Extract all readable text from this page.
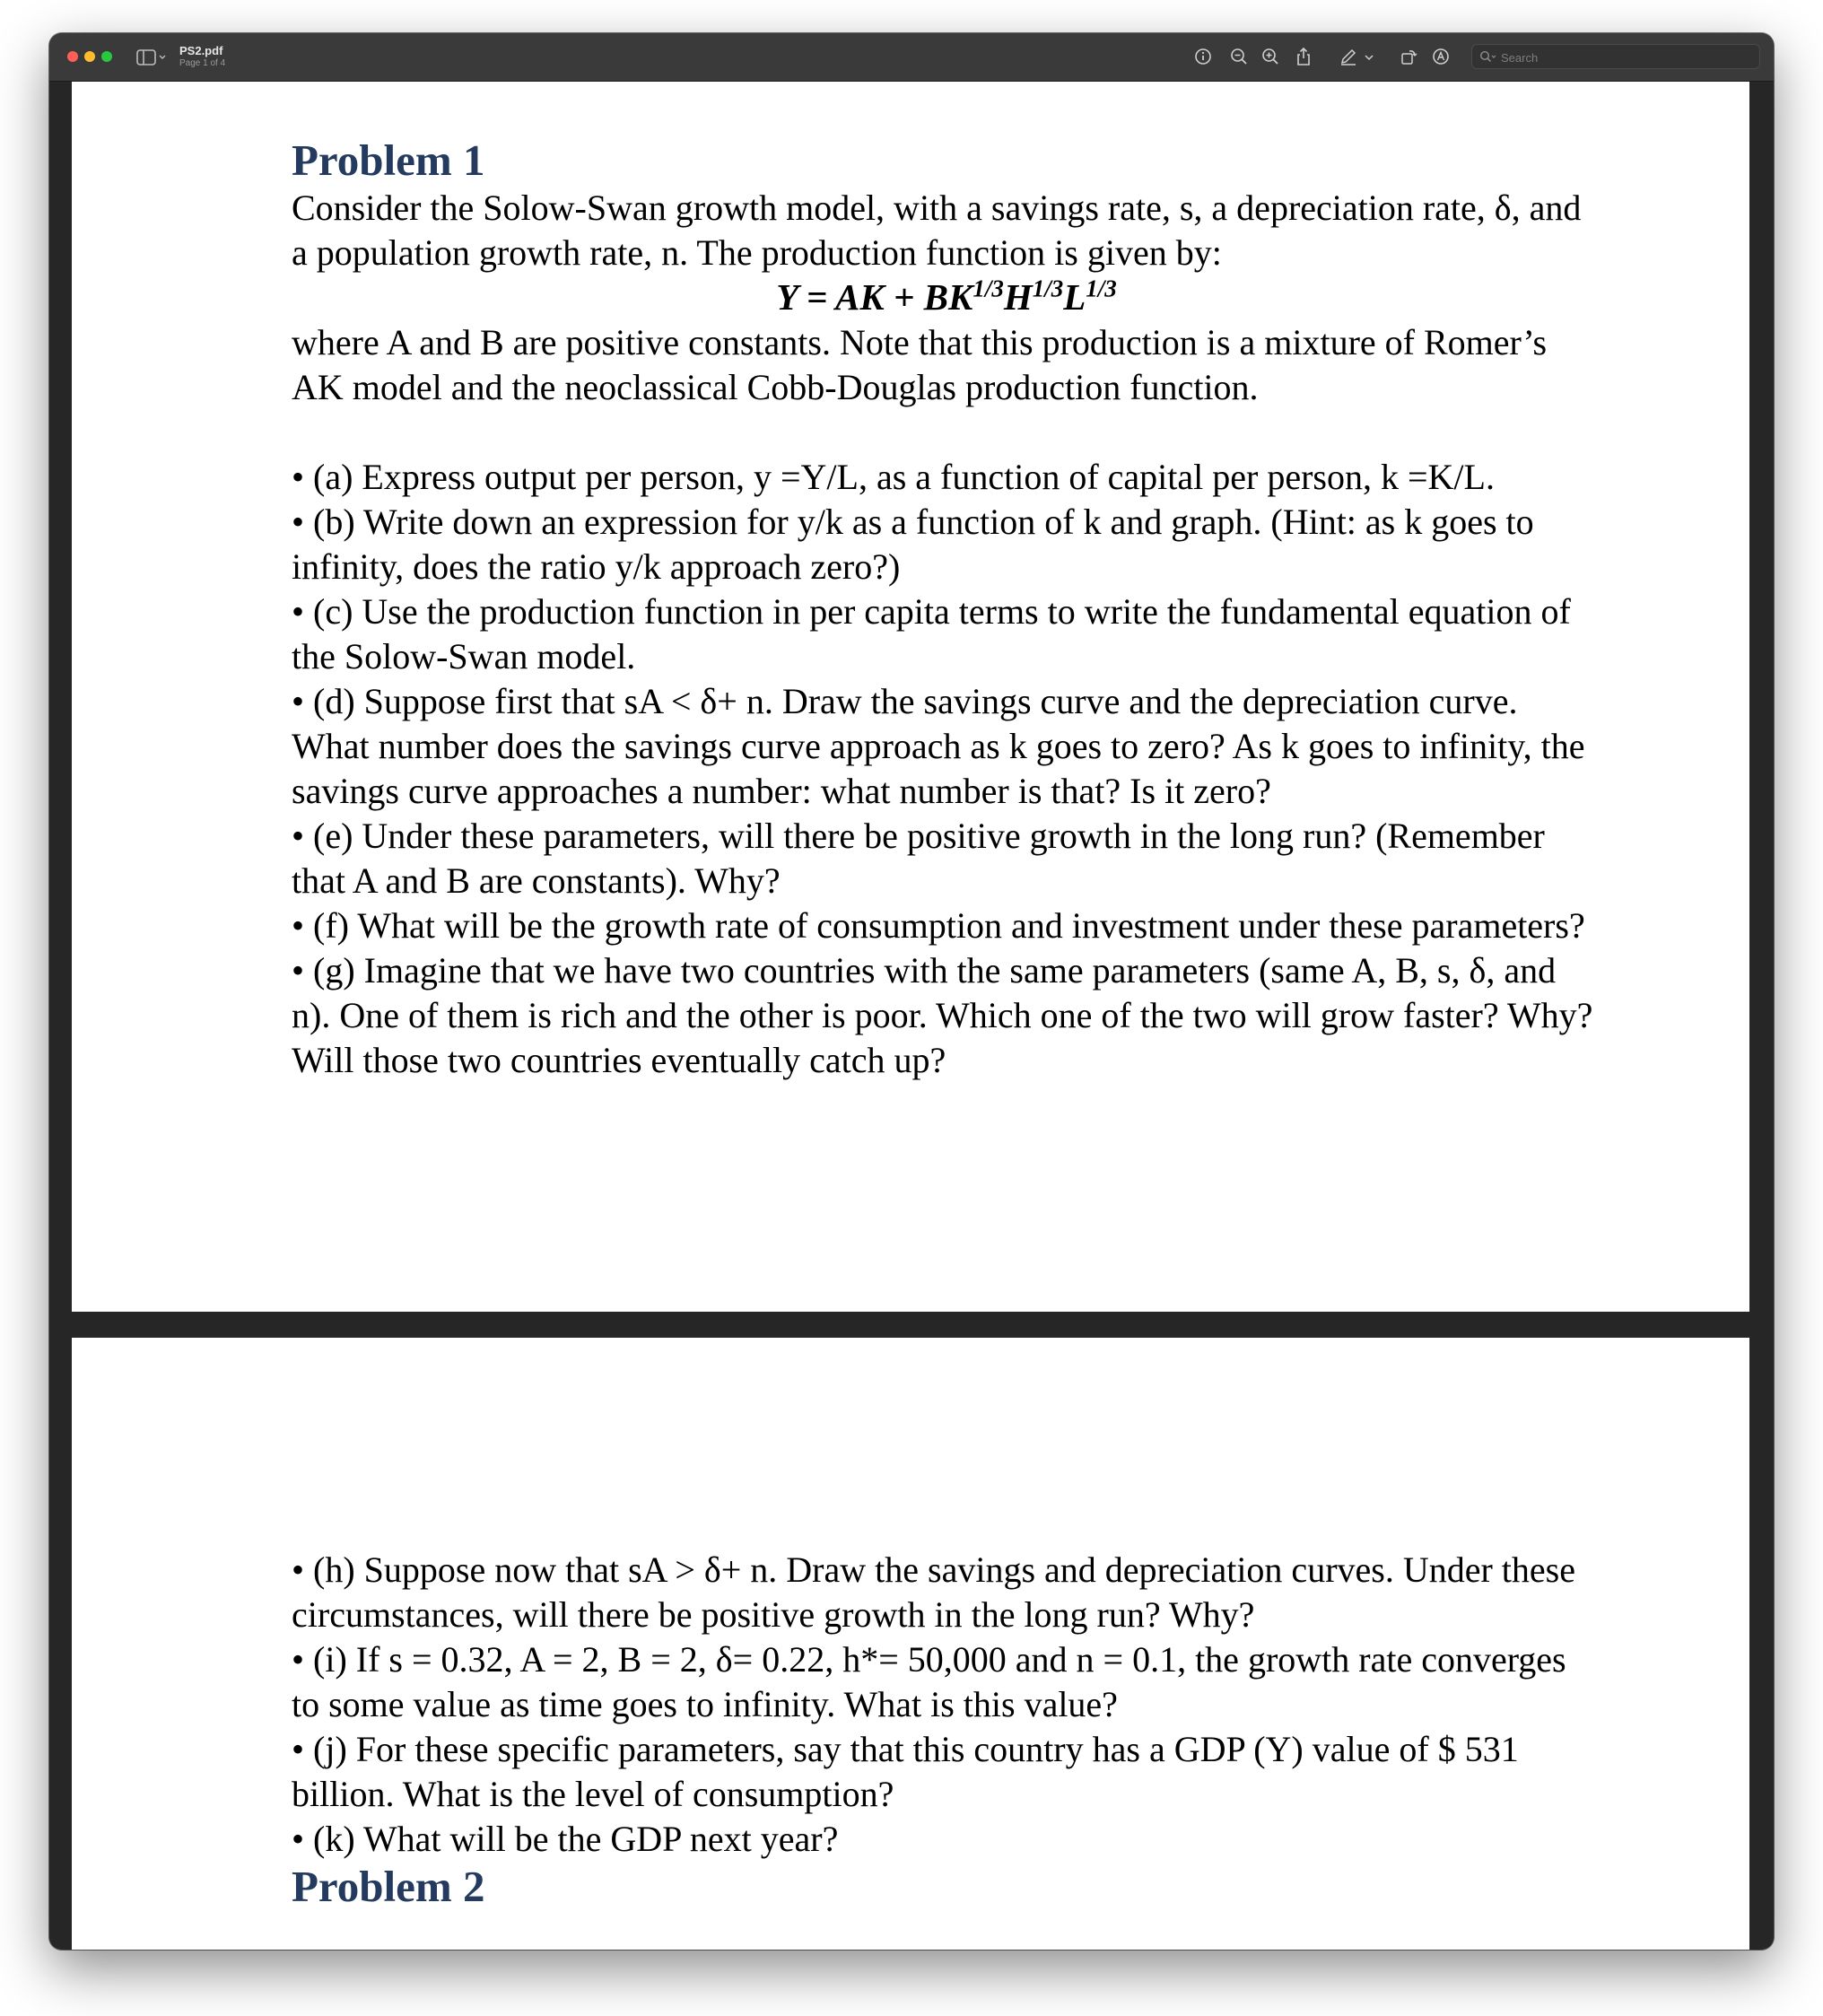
PS2.pdf
Page 1 of 4
Search
Problem 1

Consider the Solow-Swan growth model, with a savings rate, s, a depreciation rate, δ, and a population growth rate, n. The production function is given by:

Y = AK + $BK^{1/3}H^{1/3}L^{1/3}$

where A and B are positive constants. Note that this production is a mixture of Romer’s AK model and the neoclassical Cobb-Douglas production function.

• (a) Express output per person, y =Y/L, as a function of capital per person, k =K/L.

• (b) Write down an expression for y/k as a function of k and graph. (Hint: as k goes to infinity, does the ratio y/k approach zero?)

• (c) Use the production function in per capita terms to write the fundamental equation of the Solow-Swan model.

• (d) Suppose first that sA < δ+ n. Draw the savings curve and the depreciation curve. What number does the savings curve approach as k goes to zero? As k goes to infinity, the savings curve approaches a number: what number is that? Is it zero?

• (e) Under these parameters, will there be positive growth in the long run? (Remember that A and B are constants). Why?

• (f) What will be the growth rate of consumption and investment under these parameters?

• (g) Imagine that we have two countries with the same parameters (same A, B, s, δ, and n). One of them is rich and the other is poor. Which one of the two will grow faster? Why? Will those two countries eventually catch up?

• (h) Suppose now that sA > δ+ n. Draw the savings and depreciation curves. Under these circumstances, will there be positive growth in the long run? Why?

• (i) If s = 0.32, A = 2, B = 2, δ= 0.22, h*= 50,000 and n = 0.1, the growth rate converges to some value as time goes to infinity. What is this value?

• (j) For these specific parameters, say that this country has a GDP (Y) value of $ 531 billion. What is the level of consumption?

• (k) What will be the GDP next year?

Problem 2
